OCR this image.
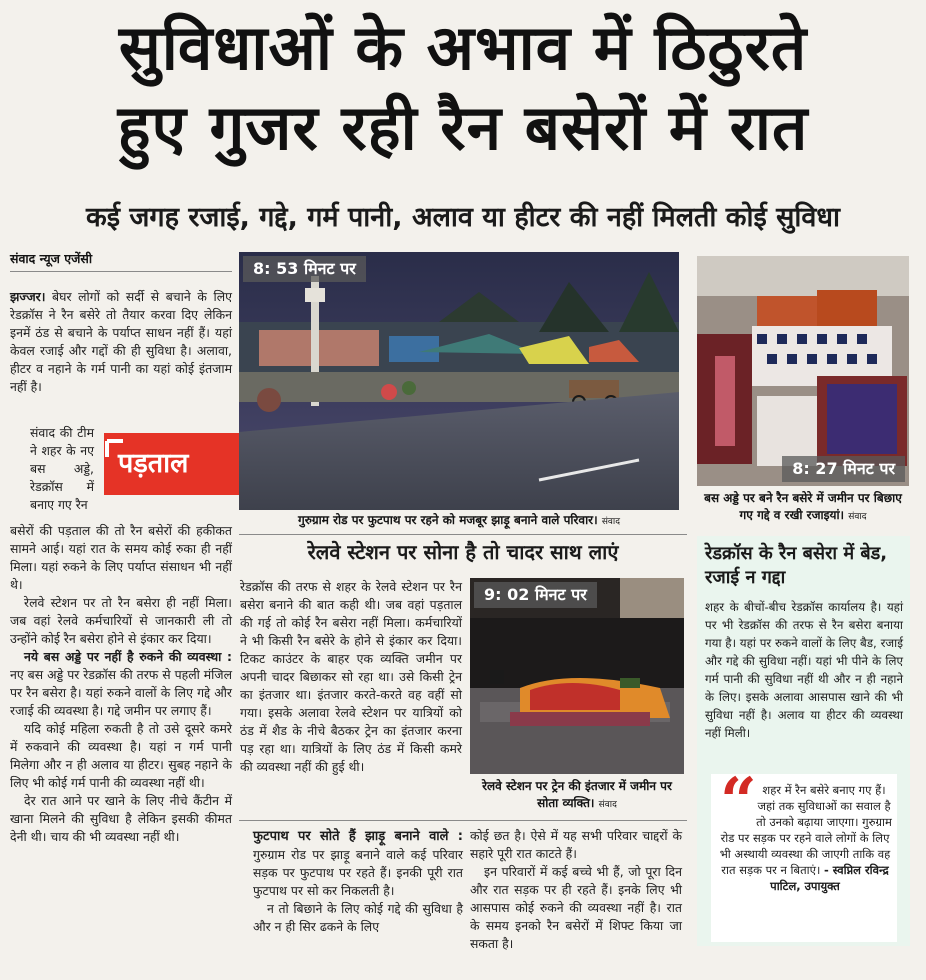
सुविधाओं के अभाव में ठिठुरते
हुए गुजर रही रैन बसेरों में रात
कई जगह रजाई, गद्दे, गर्म पानी, अलाव या हीटर की नहीं मिलती कोई सुविधा
संवाद न्यूज एजेंसी

झज्जर। बेघर लोगों को सर्दी से बचाने के लिए रेडक्रॉस ने रैन बसेरे तो तैयार करवा दिए लेकिन इनमें ठंड से बचाने के पर्याप्त साधन नहीं हैं। यहां केवल रजाई और गद्दों की ही सुविधा है। अलावा, हीटर व नहाने के गर्म पानी का यहां कोई इंतजाम नहीं है।

संवाद की टीम ने शहर के नए बस अड्डे, रेडक्रॉस में बनाए गए रैन

बसेरों की पड़ताल की तो रैन बसेरों की हकीकत सामने आई। यहां रात के समय कोई रुका ही नहीं मिला। यहां रुकने के लिए पर्याप्त संसाधन भी नहीं थे।

रेलवे स्टेशन पर तो रैन बसेरा ही नहीं मिला। जब वहां रेलवे कर्मचारियों से जानकारी ली तो उन्होंने कोई रैन बसेरा होने से इंकार कर दिया।

नये बस अड्डे पर नहीं है रुकने की व्यवस्था : नए बस अड्डे पर रेडक्रॉस की तरफ से पहली मंजिल पर रैन बसेरा है। यहां रुकने वालों के लिए गद्दे और रजाई की व्यवस्था है। गद्दे जमीन पर लगाए हैं।

यदि कोई महिला रुकती है तो उसे दूसरे कमरे में रुकवाने की व्यवस्था है। यहां न गर्म पानी मिलेगा और न ही अलाव या हीटर। सुबह नहाने के लिए भी कोई गर्म पानी की व्यवस्था नहीं थी।

देर रात आने पर खाने के लिए नीचे कैंटीन में खाना मिलने की सुविधा है लेकिन इसकी कीमत देनी थी। चाय की भी व्यवस्था नहीं थी।

पड़ताल
8: 53 मिनट पर
गुरुग्राम रोड पर फुटपाथ पर रहने को मजबूर झाड़ू बनाने वाले परिवार। संवाद
8: 27 मिनट पर
बस अड्डे पर बने रैन बसेरे में जमीन पर बिछाए गए गद्दे व रखी रजाइयां। संवाद
रेलवे स्टेशन पर सोना है तो चादर साथ लाएं
रेडक्रॉस की तरफ से शहर के रेलवे स्टेशन पर रैन बसेरा बनाने की बात कही थी। जब वहां पड़ताल की गई तो कोई रैन बसेरा नहीं मिला। कर्मचारियों ने भी किसी रैन बसेरे के होने से इंकार कर दिया। टिकट काउंटर के बाहर एक व्यक्ति जमीन पर अपनी चादर बिछाकर सो रहा था। उसे किसी ट्रेन का इंतजार था। इंतजार करते-करते वह वहीं सो गया। इसके अलावा रेलवे स्टेशन पर यात्रियों को ठंड में शैड के नीचे बैठकर ट्रेन का इंतजार करना पड़ रहा था। यात्रियों के लिए ठंड में किसी कमरे की व्यवस्था नहीं की हुई थी।
9: 02 मिनट पर
रेलवे स्टेशन पर ट्रेन की इंतजार में जमीन पर सोता व्यक्ति। संवाद

फुटपाथ पर सोते हैं झाड़ू बनाने वाले : गुरुग्राम रोड पर झाड़ू बनाने वाले कई परिवार सड़क पर फुटपाथ पर रहते हैं। इनकी पूरी रात फुटपाथ पर सो कर निकलती है।

न तो बिछाने के लिए कोई गद्दे की सुविधा है और न ही सिर ढकने के लिए

कोई छत है। ऐसे में यह सभी परिवार चाद्दरों के सहारे पूरी रात काटते हैं।

इन परिवारों में कई बच्चे भी हैं, जो पूरा दिन और रात सड़क पर ही रहते हैं। इनके लिए भी आसपास कोई रुकने की व्यवस्था नहीं है। रात के समय इनको रैन बसेरों में शिफ्ट किया जा सकता है।

रेडक्रॉस के रैन बसेरा में बेड, रजाई न गद्दा
शहर के बीचों-बीच रेडक्रॉस कार्यालय है। यहां पर भी रेडक्रॉस की तरफ से रैन बसेरा बनाया गया है। यहां पर रुकने वालों के लिए बैड, रजाई और गद्दे की सुविधा नहीं। यहां भी पीने के लिए गर्म पानी की सुविधा नहीं थी और न ही नहाने के लिए। इसके अलावा आसपास खाने की भी सुविधा नहीं है। अलाव या हीटर की व्यवस्था नहीं मिली।
“ शहर में रैन बसेरे बनाए गए हैं। जहां तक सुविधाओं का सवाल है तो उनको बढ़ाया जाएगा। गुरुग्राम रोड पर सड़क पर रहने वाले लोगों के लिए भी अस्थायी व्यवस्था की जाएगी ताकि वह रात सड़क पर न बिताएं। - स्वप्निल रविन्द्र पाटिल, उपायुक्त
